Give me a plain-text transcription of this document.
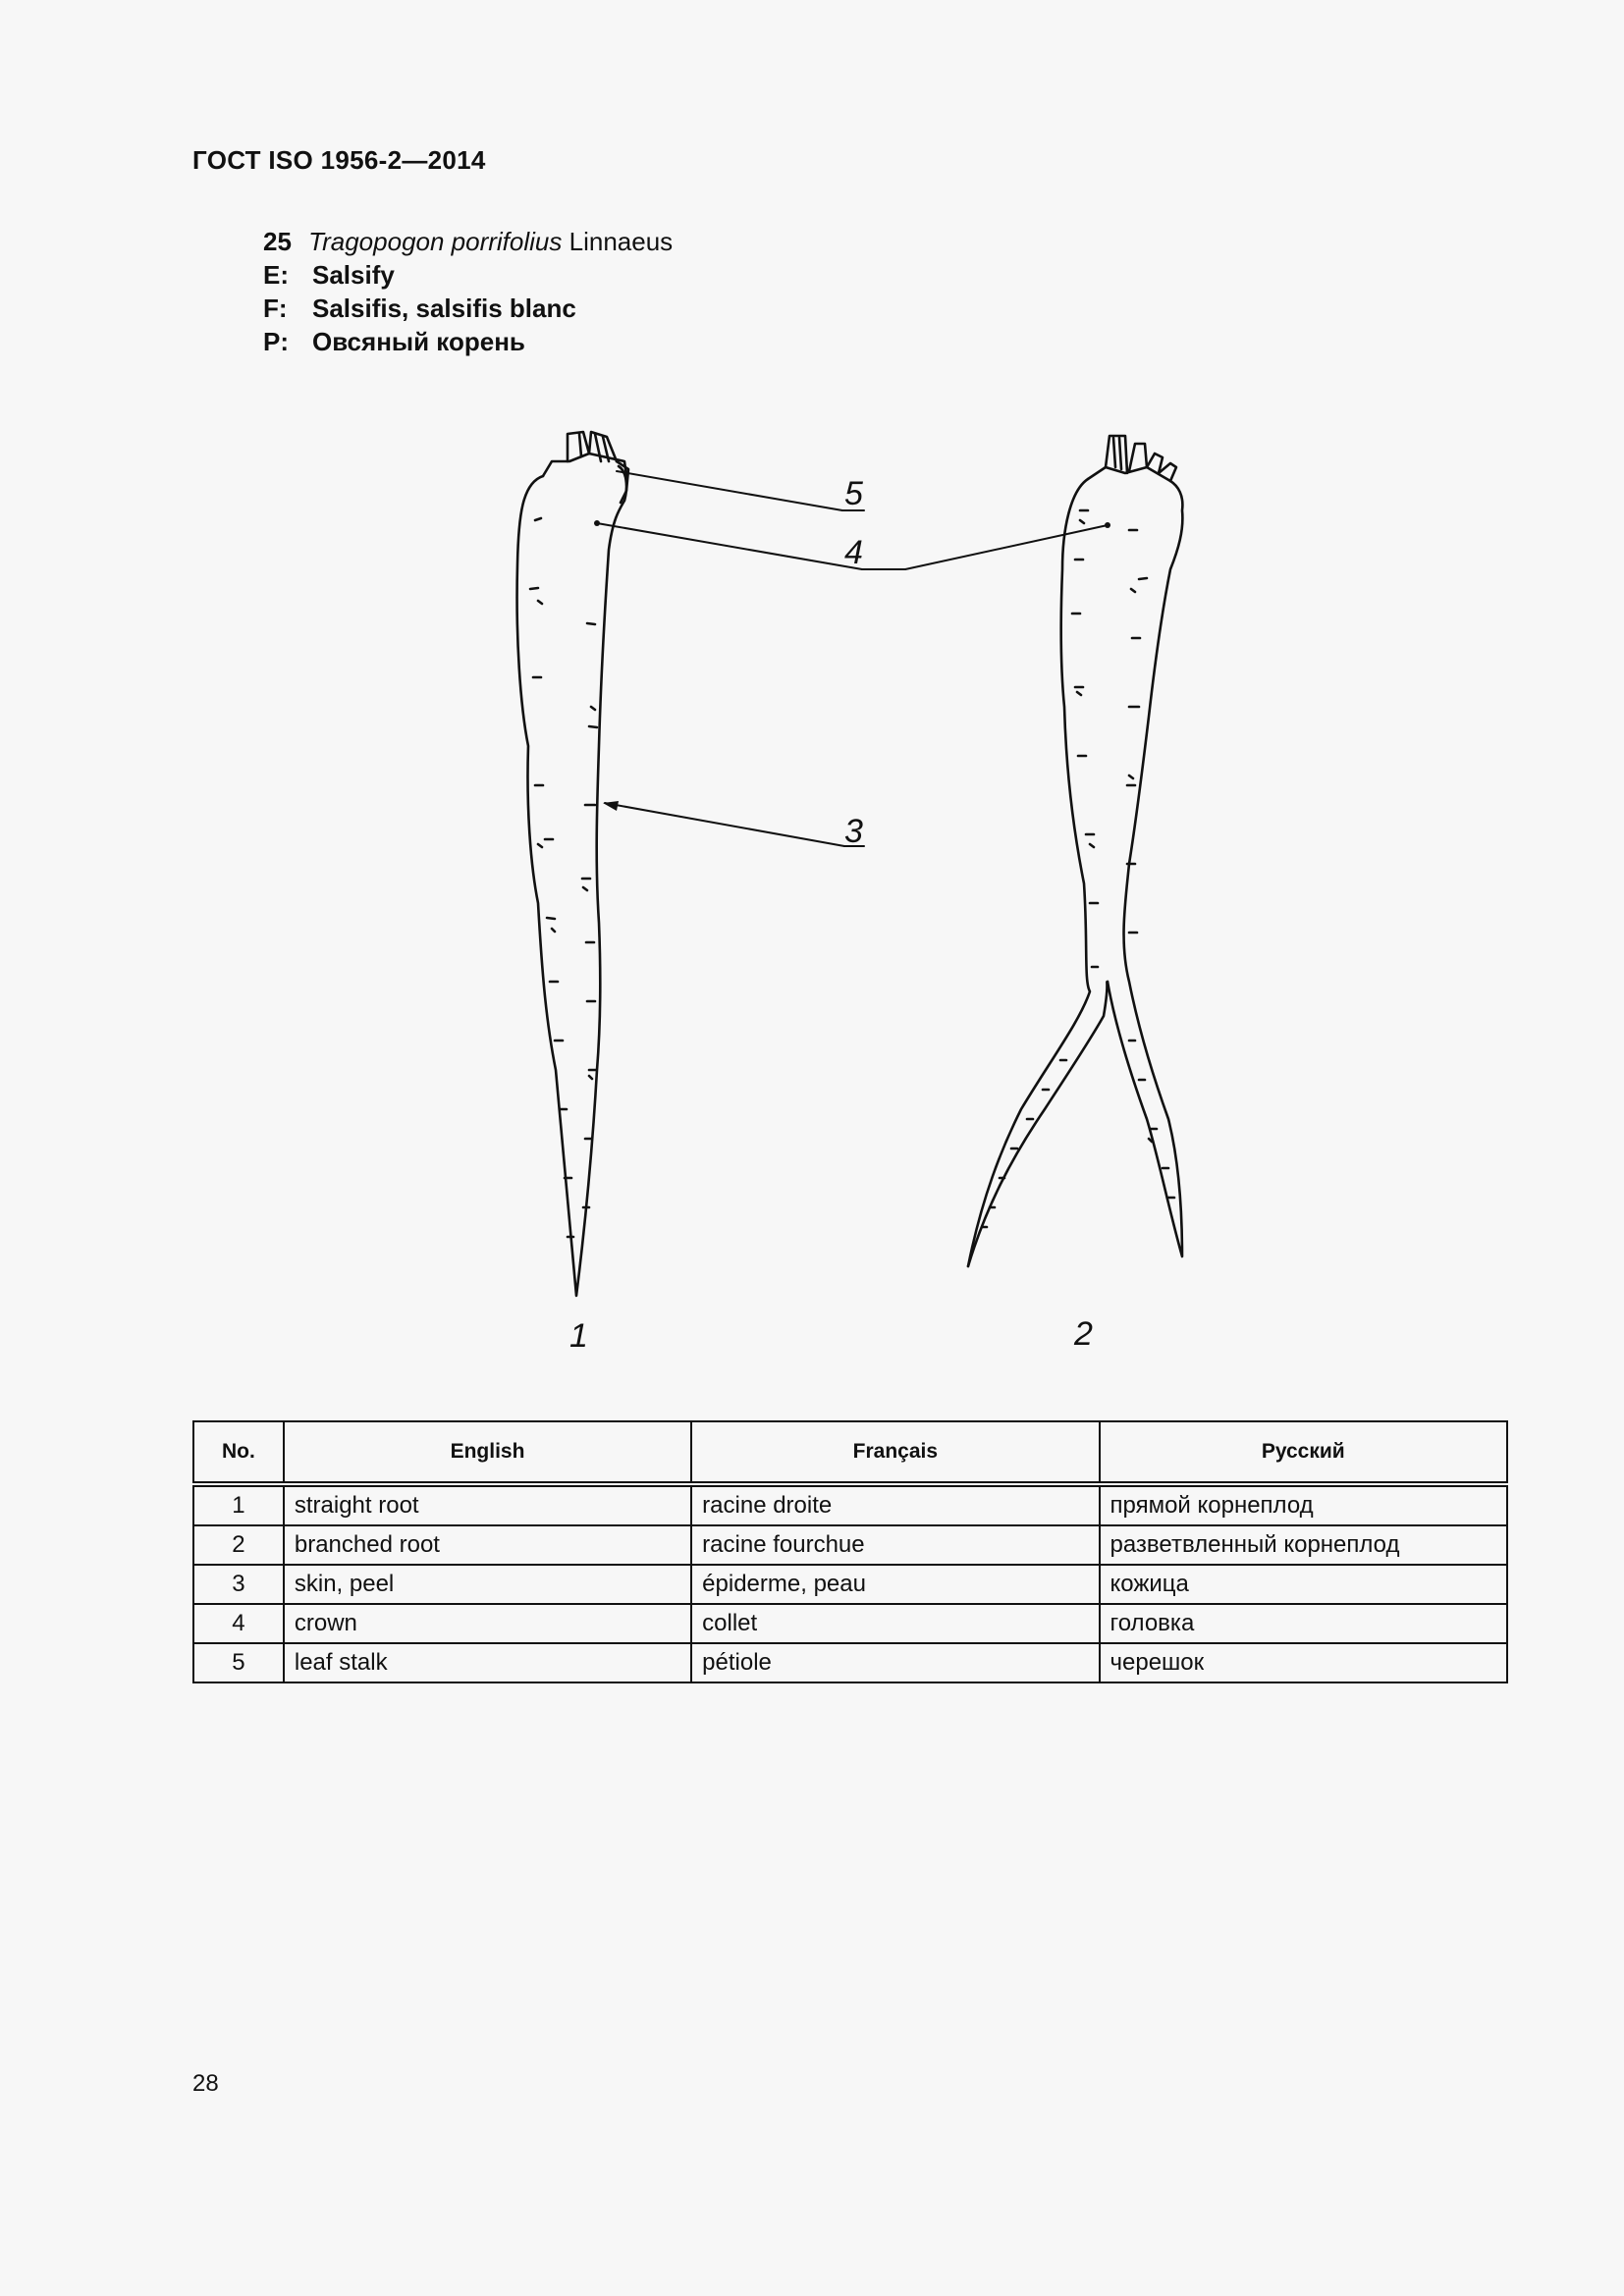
ГОСТ ISO 1956-2—2014
25 Tragopogon porrifolius Linnaeus
E: Salsify
F: Salsifis, salsifis blanc
P: Овсяный корень
5
4
3
1	2
No.	English	Français	Русский
1	straight root	racine droite	прямой корнеплод
2	branched root	racine fourchue	разветвленный корнеплод
3	skin, peel	épiderme, peau	кожица
4	crown	collet	головка
5	leaf stalk	pétiole	черешок
28
